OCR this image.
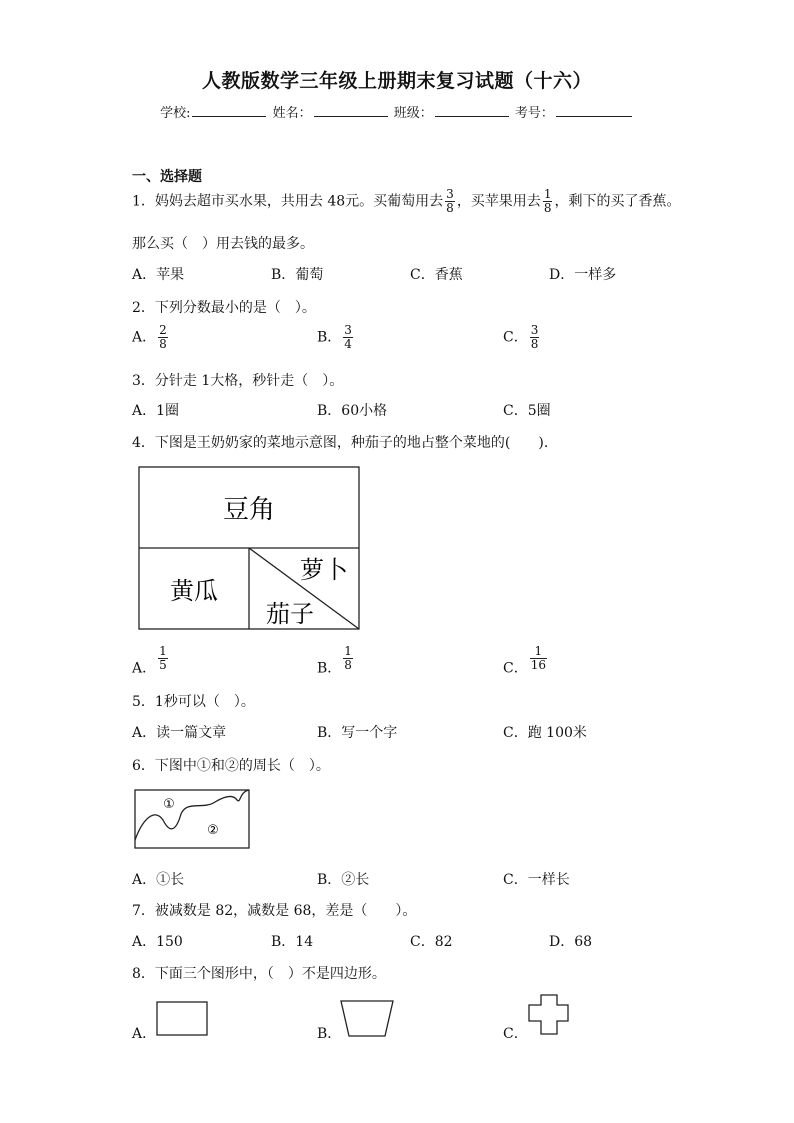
人教版数学三年级上册期末复习试题（十六）
学校:	姓名：	班级：	考号：
一、选择题
1．妈妈去超市买水果，共用去 48元。买葡萄用去 $\frac{3}{8}$ ，买苹果用去 $\frac{1}{8}$ ，剩下的买了香蕉。
那么买（　）用去钱的最多。
A．苹果	B．葡萄	C．香蕉	D．一样多
2．下列分数最小的是（　）。
A． $\frac{2}{8}$	B． $\frac{3}{4}$	C． $\frac{3}{8}$
3．分针走 1大格，秒针走（　）。
A．1圈	B．60小格	C．5圈
4．下图是王奶奶家的菜地示意图，种茄子的地占整个菜地的(　　).
豆角
黄瓜
萝卜
茄子
A． $\frac{1}{5}$	B． $\frac{1}{8}$	C． $\frac{1}{16}$
5．1秒可以（　）。
A．读一篇文章	B．写一个字	C．跑 100米
6．下图中①和②的周长（　）。
①
②
A．①长	B．②长	C．一样长
7．被减数是 82，减数是 68，差是（　　）。
A．150	B．14	C．82	D．68
8．下面三个图形中，（　）不是四边形。
A．	B．	C．
